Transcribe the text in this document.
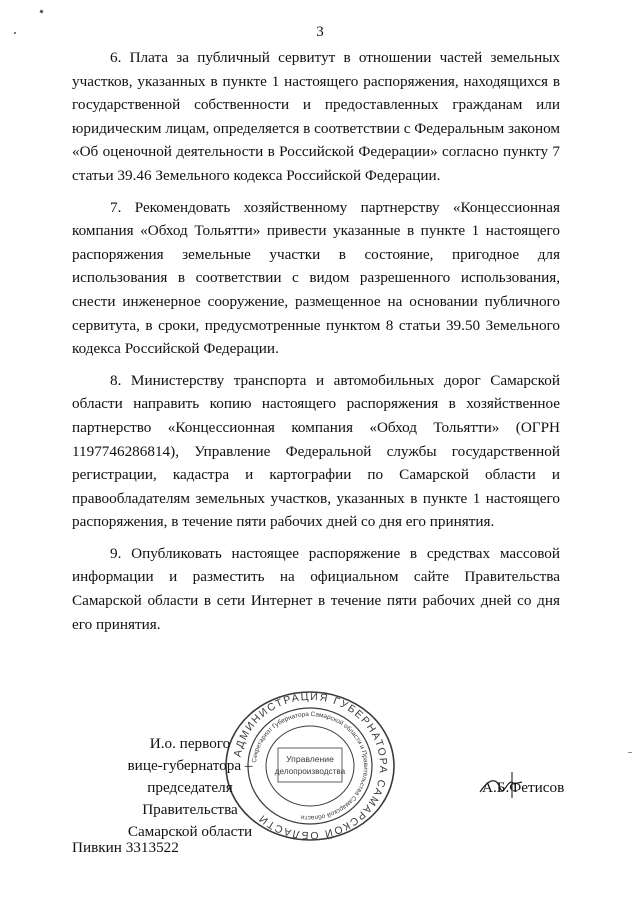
3

6. Плата за публичный сервитут в отношении частей земельных участков, указанных в пункте 1 настоящего распоряжения, находящихся в государственной собственности и предоставленных гражданам или юридическим лицам, определяется в соответствии с Федеральным законом «Об оценочной деятельности в Российской Федерации» согласно пункту 7 статьи 39.46 Земельного кодекса Российской Федерации.

7. Рекомендовать хозяйственному партнерству «Концессионная компания «Обход Тольятти» привести указанные в пункте 1 настоящего распоряжения земельные участки в состояние, пригодное для использования в соответствии с видом разрешенного использования, снести инженерное сооружение, размещенное на основании публичного сервитута, в сроки, предусмотренные пунктом 8 статьи 39.50 Земельного кодекса Российской Федерации.

8. Министерству транспорта и автомобильных дорог Самарской области направить копию настоящего распоряжения в хозяйственное партнерство «Концессионная компания «Обход Тольятти» (ОГРН 1197746286814), Управление Федеральной службы государственной регистрации, кадастра и картографии по Самарской области и правообладателям земельных участков, указанных в пункте 1 настоящего распоряжения, в течение пяти рабочих дней со дня его принятия.

9. Опубликовать настоящее распоряжение в средствах массовой информации и разместить на официальном сайте Правительства Самарской области в сети Интернет в течение пяти рабочих дней со дня его принятия.

АДМИНИСТРАЦИЯ ГУБЕРНАТОРА САМАРСКОЙ ОБЛАСТИ
Секретариат Губернатора Самарской области и Правительства Самарской области
Управление
делопроизводства
И.о. первого
вице-губернатора –
председателя Правительства
Самарской области
А.Б.Фетисов
Пивкин 3313522
